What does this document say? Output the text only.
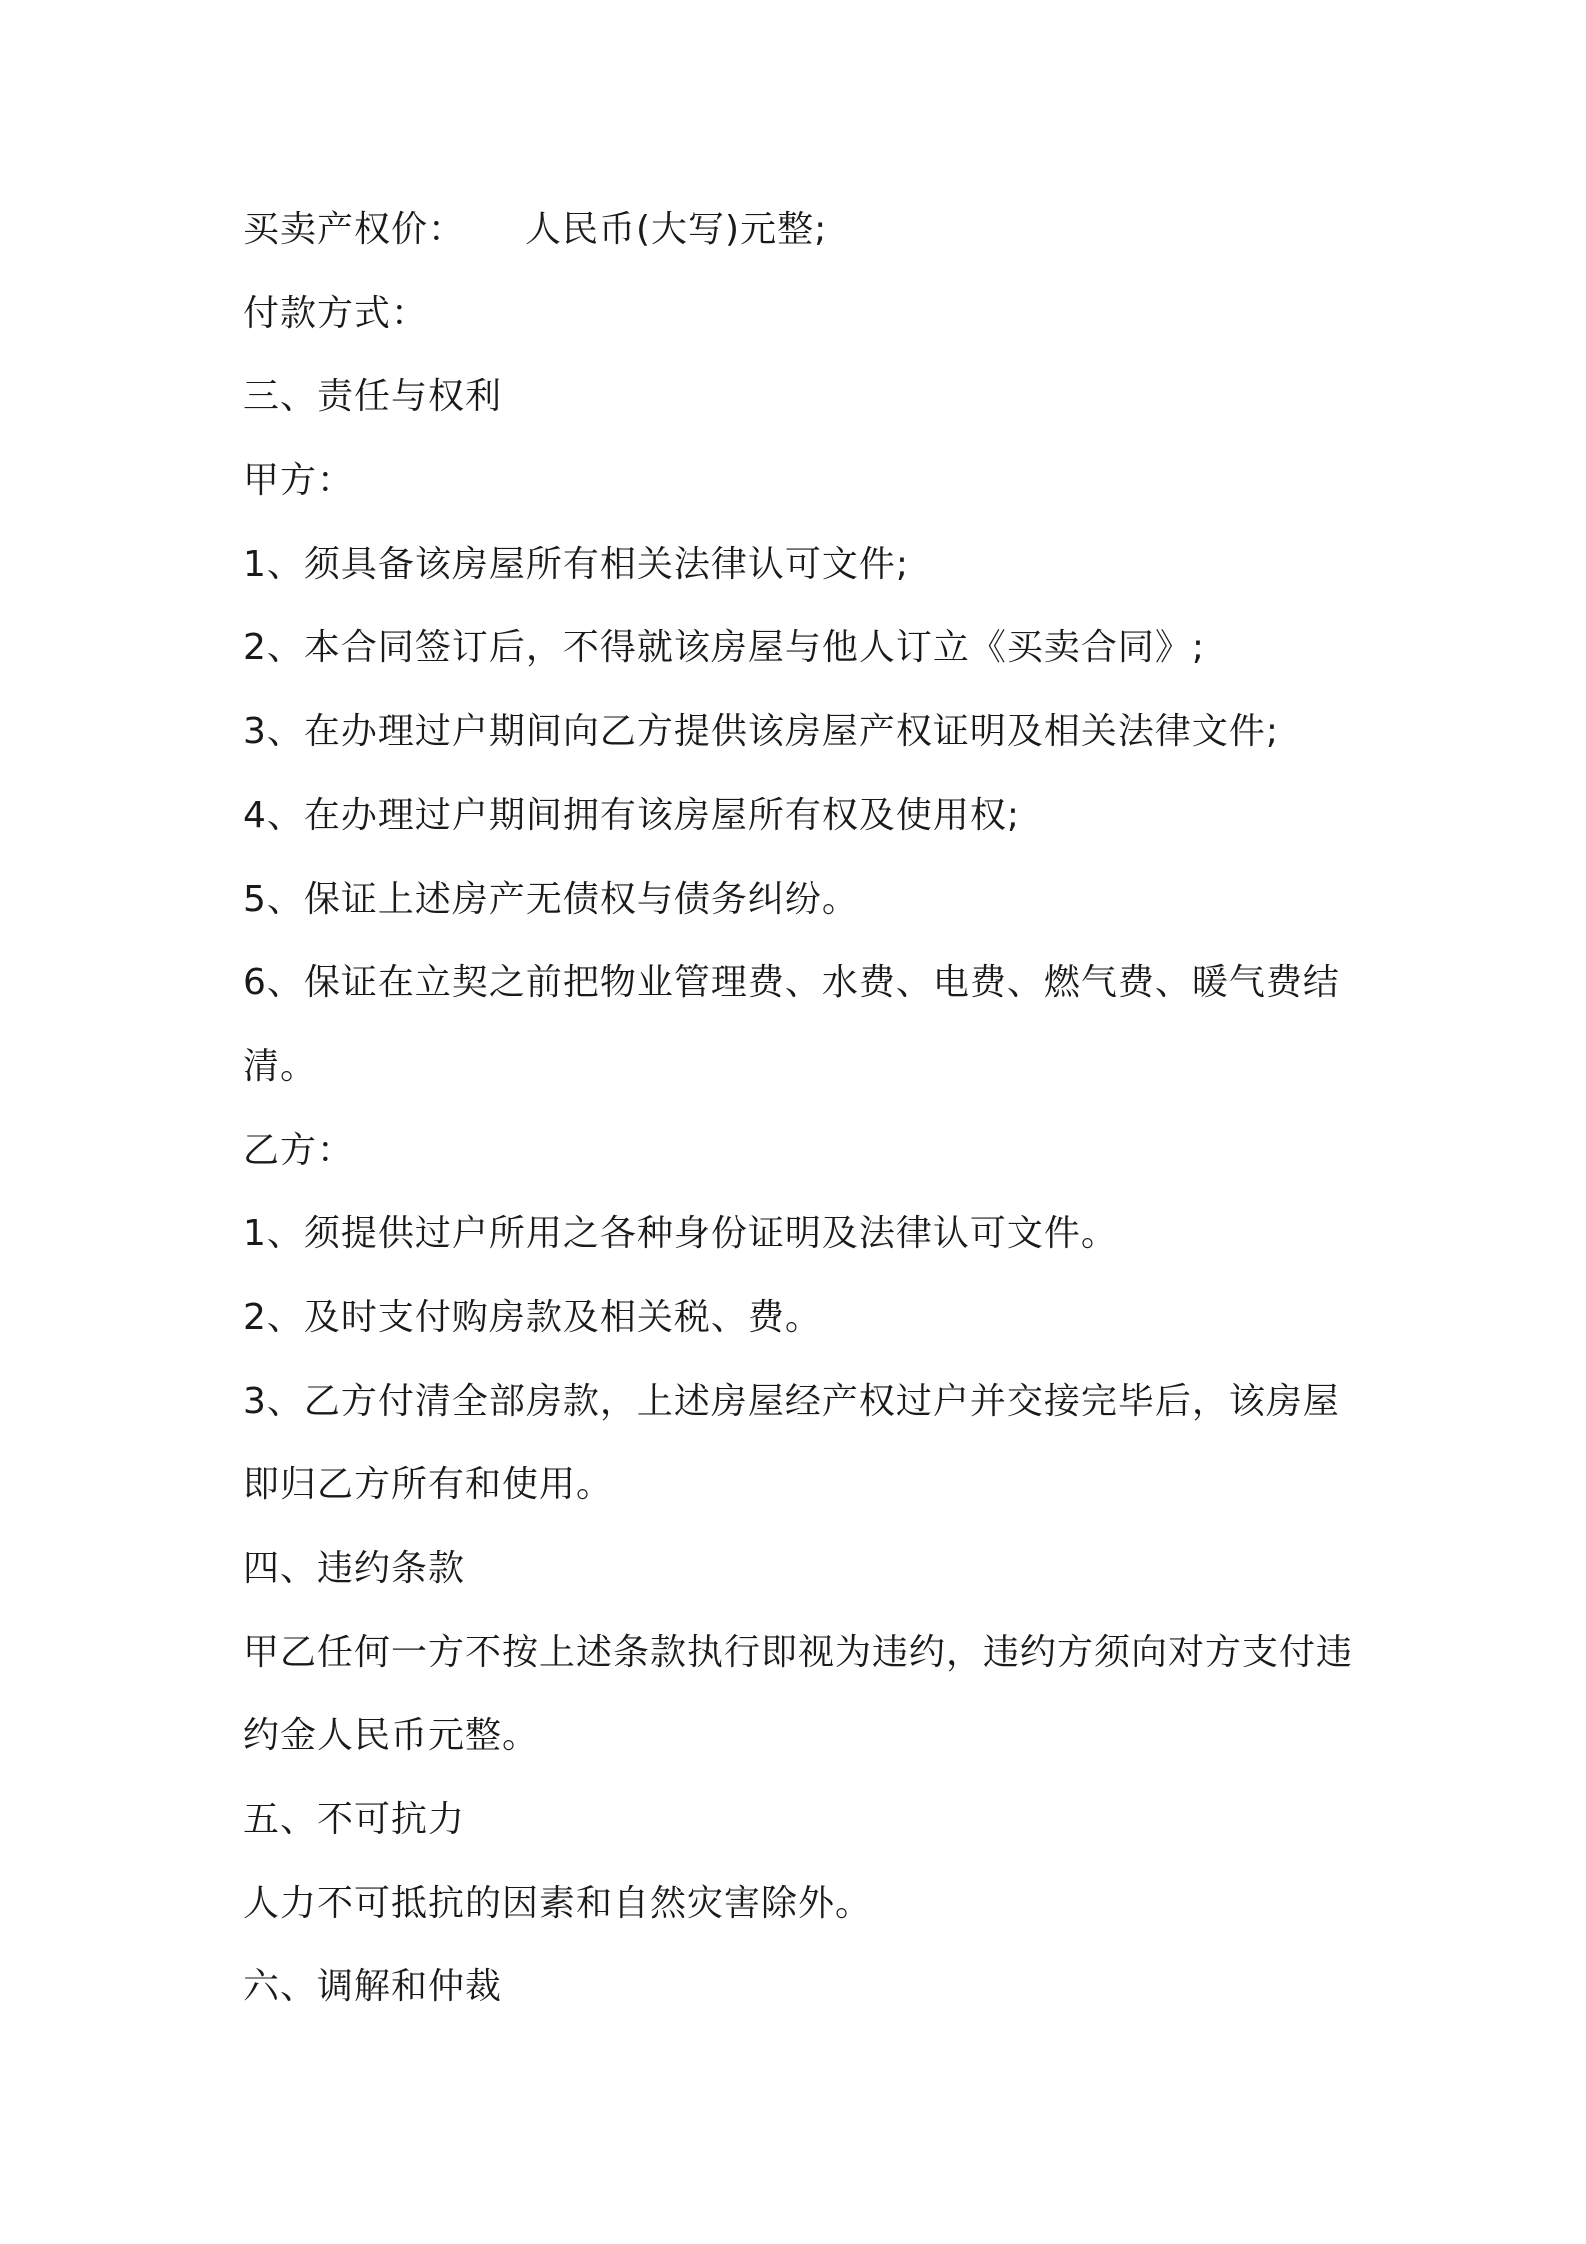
买卖产权价： 人民币(大写)元整;
付款方式：
三、责任与权利
甲方：
1、须具备该房屋所有相关法律认可文件;
2、本合同签订后，不得就该房屋与他人订立《买卖合同》;
3、在办理过户期间向乙方提供该房屋产权证明及相关法律文件;
4、在办理过户期间拥有该房屋所有权及使用权;
5、保证上述房产无债权与债务纠纷。
6、保证在立契之前把物业管理费、水费、电费、燃气费、暖气费结
清。
乙方：
1、须提供过户所用之各种身份证明及法律认可文件。
2、及时支付购房款及相关税、费。
3、乙方付清全部房款，上述房屋经产权过户并交接完毕后，该房屋
即归乙方所有和使用。
四、违约条款
甲乙任何一方不按上述条款执行即视为违约，违约方须向对方支付违
约金人民币元整。
五、不可抗力
人力不可抵抗的因素和自然灾害除外。
六、调解和仲裁
